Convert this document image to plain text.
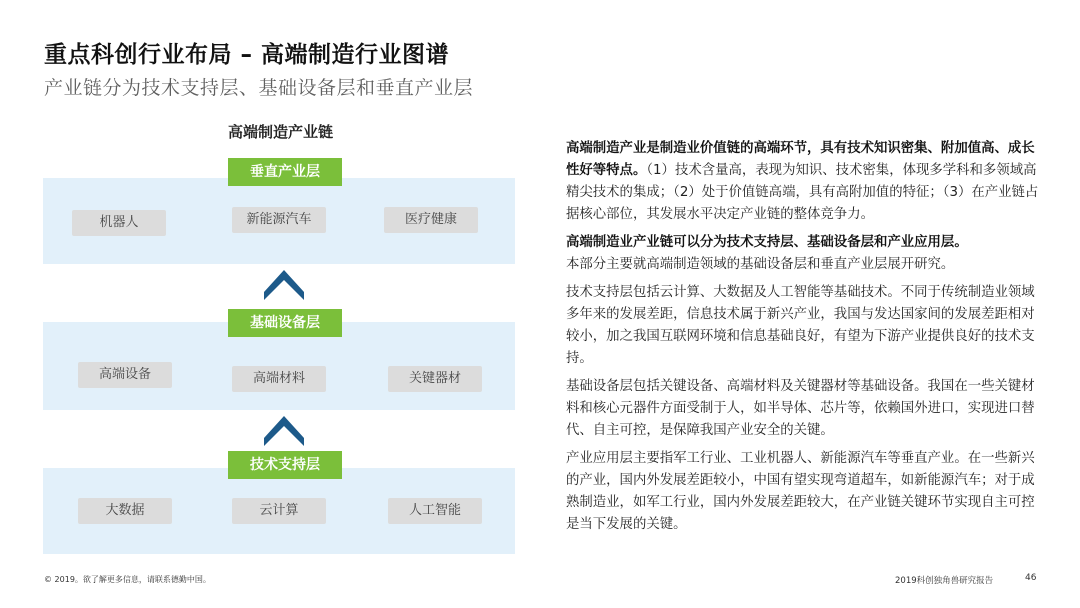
重点科创行业布局 – 高端制造行业图谱
产业链分为技术支持层、基础设备层和垂直产业层
高端制造产业链
垂直产业层
机器人	新能源汽车	医疗健康
基础设备层
高端设备	高端材料	关键器材
技术支持层
大数据	云计算	人工智能

高端制造产业是制造业价值链的高端环节，具有技术知识密集、附加值高、成长性好等特点。（1）技术含量高，表现为知识、技术密集，体现多学科和多领域高精尖技术的集成；（2）处于价值链高端，具有高附加值的特征；（3）在产业链占据核心部位，其发展水平决定产业链的整体竞争力。

高端制造业产业链可以分为技术支持层、基础设备层和产业应用层。
本部分主要就高端制造领域的基础设备层和垂直产业层展开研究。

技术支持层包括云计算、大数据及人工智能等基础技术。不同于传统制造业领域多年来的发展差距，信息技术属于新兴产业，我国与发达国家间的发展差距相对较小，加之我国互联网环境和信息基础良好，有望为下游产业提供良好的技术支持。

基础设备层包括关键设备、高端材料及关键器材等基础设备。我国在一些关键材料和核心元器件方面受制于人，如半导体、芯片等，依赖国外进口，实现进口替代、自主可控，是保障我国产业安全的关键。

产业应用层主要指军工行业、工业机器人、新能源汽车等垂直产业。在一些新兴的产业，国内外发展差距较小，中国有望实现弯道超车，如新能源汽车；对于成熟制造业，如军工行业，国内外发展差距较大，在产业链关键环节实现自主可控是当下发展的关键。

© 2019。欲了解更多信息，请联系德勤中国。	2019科创独角兽研究报告	46
